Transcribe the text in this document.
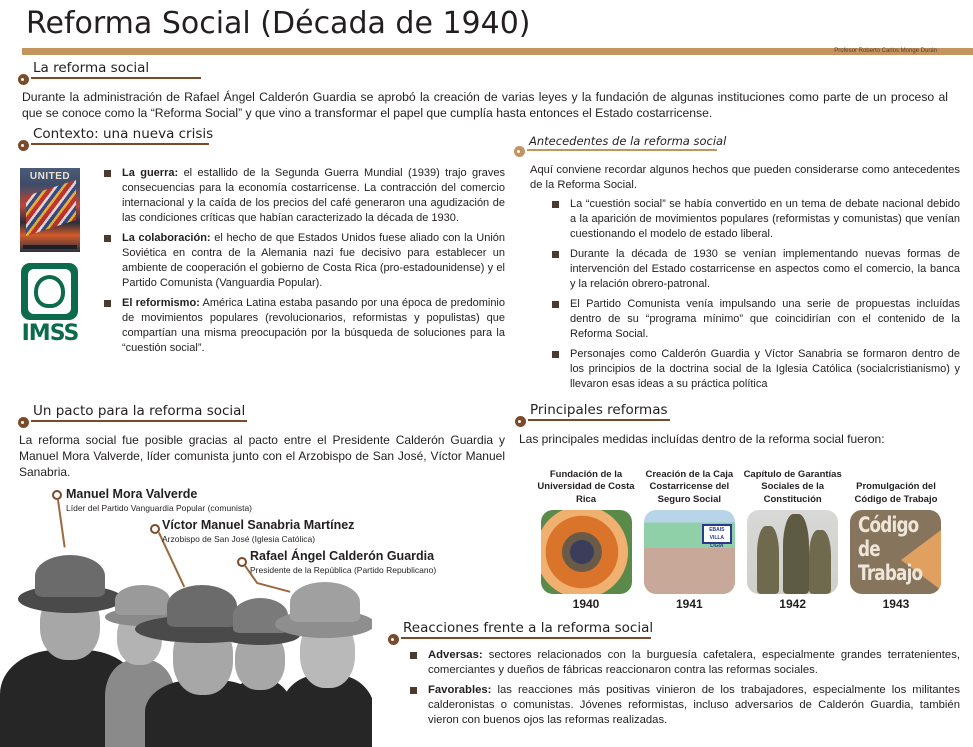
Reforma Social (Década de 1940)
Profesor Roberto Carlos Monge Durán
La reforma social

Durante la administración de Rafael Ángel Calderón Guardia se aprobó la creación de varias leyes y la fundación de algunas instituciones como parte de un proceso al que se conoce como la “Reforma Social” y que vino a transformar el papel que cumplía hasta entonces el Estado costarricense.

Contexto: una nueva crisis
UNITED
IMSS
La guerra: el estallido de la Segunda Guerra Mundial (1939) trajo graves consecuencias para la economía costarricense. La contracción del comercio internacional y la caída de los precios del café generaron una agudización de las condiciones críticas que habían caracterizado la década de 1930.
La colaboración: el hecho de que Estados Unidos fuese aliado con la Unión Soviética en contra de la Alemania nazi fue decisivo para establecer un ambiente de cooperación el gobierno de Costa Rica (pro-estadounidense) y el Partido Comunista (Vanguardia Popular).
El reformismo: América Latina estaba pasando por una época de predominio de movimientos populares (revolucionarios, reformistas y populistas) que compartían una misma preocupación por la búsqueda de soluciones para la “cuestión social”.
Antecedentes de la reforma social

Aquí conviene recordar algunos hechos que pueden considerarse como antecedentes de la Reforma Social.

La “cuestión social” se había convertido en un tema de debate nacional debido a la aparición de movimientos populares (reformistas y comunistas) que venían cuestionando el modelo de estado liberal.
Durante la década de 1930 se venían implementando nuevas formas de intervención del Estado costarricense en aspectos como el comercio, la banca y la relación obrero-patronal.
El Partido Comunista venía impulsando una serie de propuestas incluídas dentro de su “programa mínimo” que coincidirían con el contenido de la Reforma Social.
Personajes como Calderón Guardia y Víctor Sanabria se formaron dentro de los principios de la doctrina social de la Iglesia Católica (socialcristianismo) y llevaron esas ideas a su práctica política
Un pacto para la reforma social

La reforma social fue posible gracias al pacto entre el Presidente Calderón Guardia y Manuel Mora Valverde, líder comunista junto con el Arzobispo de San José, Víctor Manuel Sanabria.

Manuel Mora Valverde
Líder del Partido Vanguardia Popular (comunista)
Víctor Manuel Sanabria Martínez
Arzobispo de San José (Iglesia Católica)
Rafael Ángel Calderón Guardia
Presidente de la República (Partido Republicano)
Principales reformas

Las principales medidas incluídas dentro de la reforma social fueron:

Fundación de la Universidad de Costa Rica
1940
Creación de la Caja Costarricense del Seguro Social
EBAIS VILLA LIGIA
1941
Capítulo de Garantías Sociales de la Constitución
1942
Promulgación del Código de Trabajo
Código de Trabajo
1943
Reacciones frente a la reforma social
Adversas: sectores relacionados con la burguesía cafetalera, especialmente grandes terratenientes, comerciantes y dueños de fábricas reaccionaron contra las reformas sociales.
Favorables: las reacciones más positivas vinieron de los trabajadores, especialmente los militantes calderonistas o comunistas. Jóvenes reformistas, incluso adversarios de Calderón Guardia, también vieron con buenos ojos las reformas realizadas.
